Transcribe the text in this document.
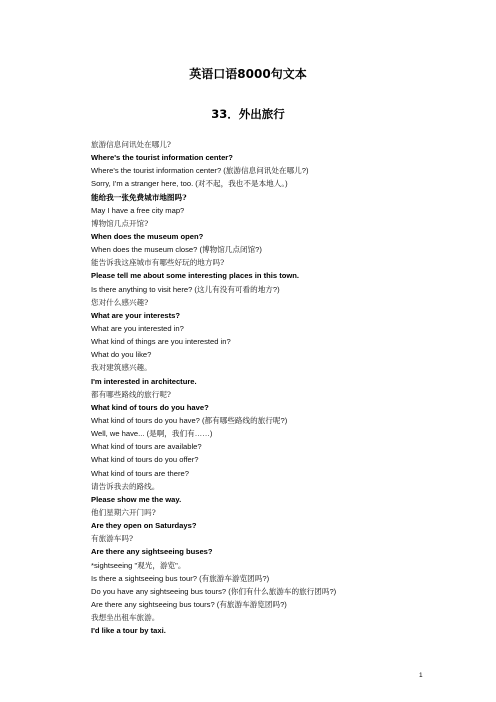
英语口语8000句文本
33．外出旅行
旅游信息问讯处在哪儿?
Where's the tourist information center?
Where's the tourist information center? (旅游信息问讯处在哪儿?)
Sorry, I'm a stranger here, too. (对不起，我也不是本地人。)
能给我一张免费城市地图吗?
May I have a free city map?
博物馆几点开馆?
When does the museum open?
When does the museum close? (博物馆几点闭馆?)
能告诉我这座城市有哪些好玩的地方吗?
Please tell me about some interesting places in this town.
Is there anything to visit here? (这儿有没有可看的地方?)
您对什么感兴趣?
What are your interests?
What are you interested in?
What kind of things are you interested in?
What do you like?
我对建筑感兴趣。
I'm interested in architecture.
都有哪些路线的旅行呢?
What kind of tours do you have?
What kind of tours do you have? (都有哪些路线的旅行呢?)
Well, we have... (是啊，我们有……)
What kind of tours are available?
What kind of tours do you offer?
What kind of tours are there?
请告诉我去的路线。
Please show me the way.
他们星期六开门吗?
Are they open on Saturdays?
有旅游车吗?
Are there any sightseeing buses?
*sightseeing "观光，游览"。
Is there a sightseeing bus tour? (有旅游车游览团吗?)
Do you have any sightseeing bus tours? (你们有什么旅游车的旅行团吗?)
Are there any sightseeing bus tours? (有旅游车游览团吗?)
我想坐出租车旅游。
I'd like a tour by taxi.
1
